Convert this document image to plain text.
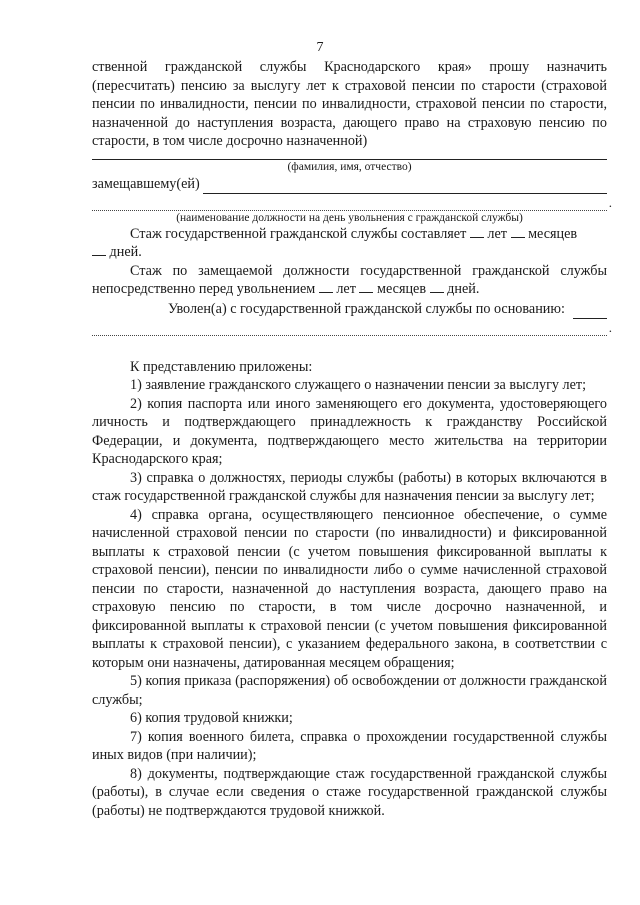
7

ственной гражданской службы Краснодарского края» прошу назначить (пересчитать) пенсию за выслугу лет к страховой пенсии по старости (страховой пенсии по инвалидности, пенсии по инвалидности, страховой пенсии по старости, назначенной до наступления возраста, дающего право на страховую пенсию по старости, в том числе досрочно назначенной)

(фамилия, имя, отчество)
замещавшему(ей)
.
(наименование должности на день увольнения с гражданской службы)

Стаж государственной гражданской службы составляет лет месяцев
дней.

Стаж по замещаемой должности государственной гражданской службы непосредственно перед увольнением лет месяцев дней.

Уволен(а) с государственной гражданской службы по основанию:
.

К представлению приложены:

1) заявление гражданского служащего о назначении пенсии за выслугу лет;

2) копия паспорта или иного заменяющего его документа, удостоверяющего личность и подтверждающего принадлежность к гражданству Российской Федерации, и документа, подтверждающего место жительства на территории Краснодарского края;

3) справка о должностях, периоды службы (работы) в которых включаются в стаж государственной гражданской службы для назначения пенсии за выслугу лет;

4) справка органа, осуществляющего пенсионное обеспечение, о сумме начисленной страховой пенсии по старости (по инвалидности) и фиксированной выплаты к страховой пенсии (с учетом повышения фиксированной выплаты к страховой пенсии), пенсии по инвалидности либо о сумме начисленной страховой пенсии по старости, назначенной до наступления возраста, дающего право на страховую пенсию по старости, в том числе досрочно назначенной, и фиксированной выплаты к страховой пенсии (с учетом повышения фиксированной выплаты к страховой пенсии), с указанием федерального закона, в соответствии с которым они назначены, датированная месяцем обращения;

5) копия приказа (распоряжения) об освобождении от должности гражданской службы;

6) копия трудовой книжки;

7) копия военного билета, справка о прохождении государственной службы иных видов (при наличии);

8) документы, подтверждающие стаж государственной гражданской службы (работы), в случае если сведения о стаже государственной гражданской службы (работы) не подтверждаются трудовой книжкой.
